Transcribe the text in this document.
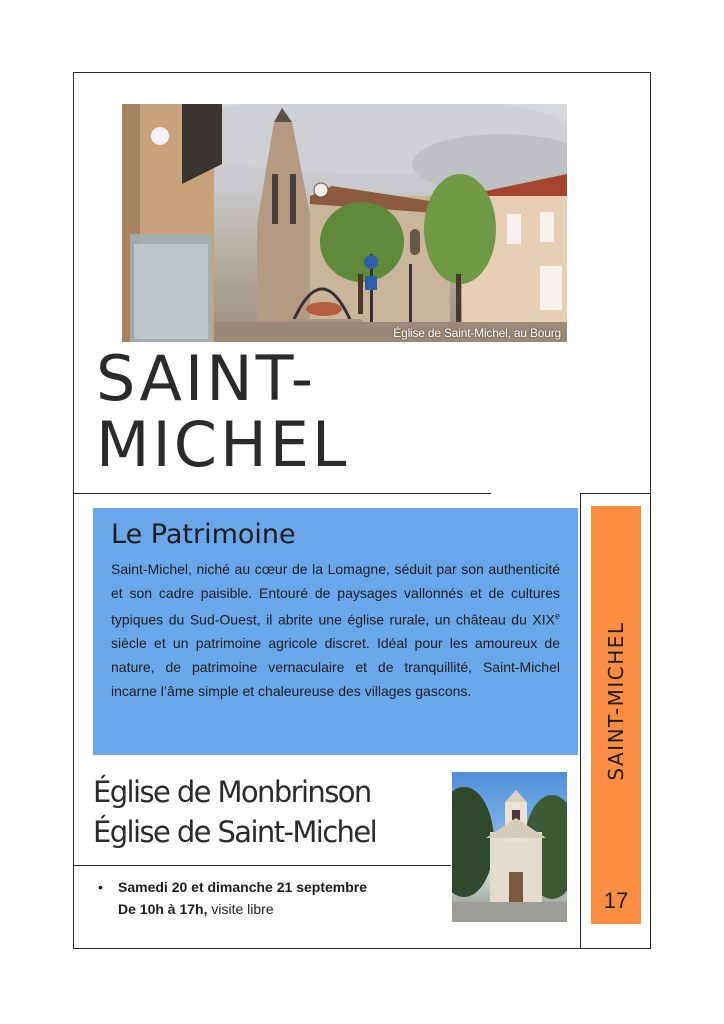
Église de Saint-Michel, au Bourg
SAINT-
MICHEL
Le Patrimoine

Saint-Michel, niché au cœur de la Lomagne, séduit par son authenticité et son cadre paisible. Entouré de paysages vallonnés et de cultures typiques du Sud-Ouest, il abrite une église rurale, un château du XIXe siècle et un patrimoine agricole discret. Idéal pour les amoureux de nature, de patrimoine vernaculaire et de tranquillité, Saint-Michel incarne l’âme simple et chaleureuse des villages gascons.	SAINT-MICHEL
17
Église de Monbrinson
Église de Saint-Michel
•	Samedi 20 et dimanche 21 septembre
De 10h à 17h, visite libre
